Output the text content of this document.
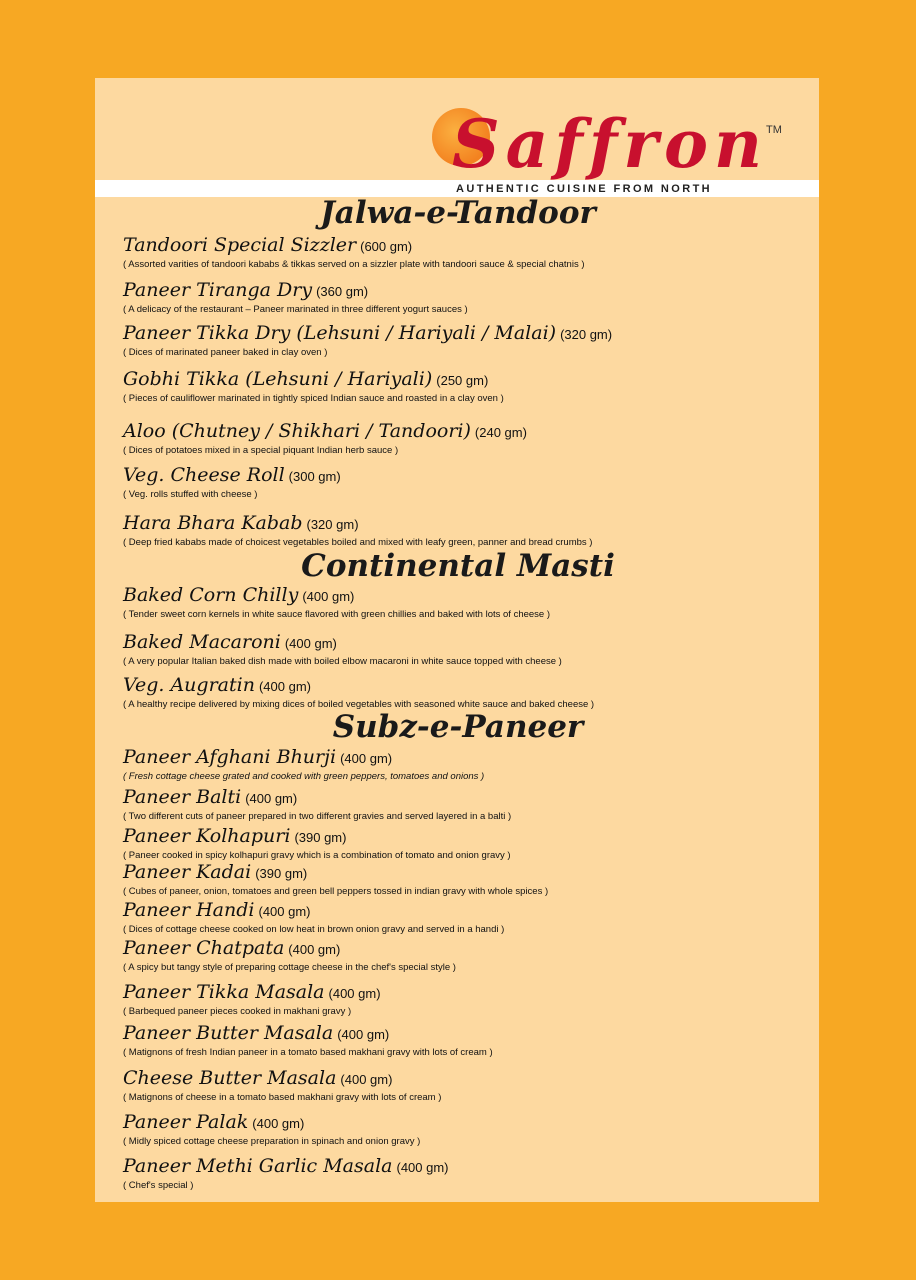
Saffron
TM
AUTHENTIC CUISINE FROM NORTH
Jalwa-e-Tandoor
Tandoori Special Sizzler (600 gm)
( Assorted varities of tandoori kababs & tikkas served on a sizzler plate with tandoori sauce & special chatnis )
Paneer Tiranga Dry (360 gm)
( A delicacy of the restaurant – Paneer marinated in three different yogurt sauces )
Paneer Tikka Dry (Lehsuni / Hariyali / Malai) (320 gm)
( Dices of marinated paneer baked in clay oven )
Gobhi Tikka (Lehsuni / Hariyali) (250 gm)
( Pieces of cauliflower marinated in tightly spiced Indian sauce and roasted in a clay oven )
Aloo (Chutney / Shikhari / Tandoori) (240 gm)
( Dices of potatoes mixed in a special piquant Indian herb sauce )
Veg. Cheese Roll (300 gm)
( Veg. rolls stuffed with cheese )
Hara Bhara Kabab (320 gm)
( Deep fried kababs made of choicest vegetables boiled and mixed with leafy green, panner and bread crumbs )
Continental Masti
Baked Corn Chilly (400 gm)
( Tender sweet corn kernels in white sauce flavored with green chillies and baked with lots of cheese )
Baked Macaroni (400 gm)
( A very popular Italian baked dish made with boiled elbow macaroni in white sauce topped with cheese )
Veg. Augratin (400 gm)
( A healthy recipe delivered by mixing dices of boiled vegetables with seasoned white sauce and baked cheese )
Subz-e-Paneer
Paneer Afghani Bhurji (400 gm)
( Fresh cottage cheese grated and cooked with green peppers, tomatoes and onions )
Paneer Balti (400 gm)
( Two different cuts of paneer prepared in two different gravies and served layered in a balti )
Paneer Kolhapuri (390 gm)
( Paneer cooked in spicy kolhapuri gravy which is a combination of tomato and onion gravy )
Paneer Kadai (390 gm)
( Cubes of paneer, onion, tomatoes and green bell peppers tossed in indian gravy with whole spices )
Paneer Handi (400 gm)
( Dices of cottage cheese cooked on low heat in brown onion gravy and served in a handi )
Paneer Chatpata (400 gm)
( A spicy but tangy style of preparing cottage cheese in the chef's special style )
Paneer Tikka Masala (400 gm)
( Barbequed paneer pieces cooked in makhani gravy )
Paneer Butter Masala (400 gm)
( Matignons of fresh Indian paneer in a tomato based makhani gravy with lots of cream )
Cheese Butter Masala (400 gm)
( Matignons of cheese in a tomato based makhani gravy with lots of cream )
Paneer Palak (400 gm)
( Midly spiced cottage cheese preparation in spinach and onion gravy )
Paneer Methi Garlic Masala (400 gm)
( Chef's special )
